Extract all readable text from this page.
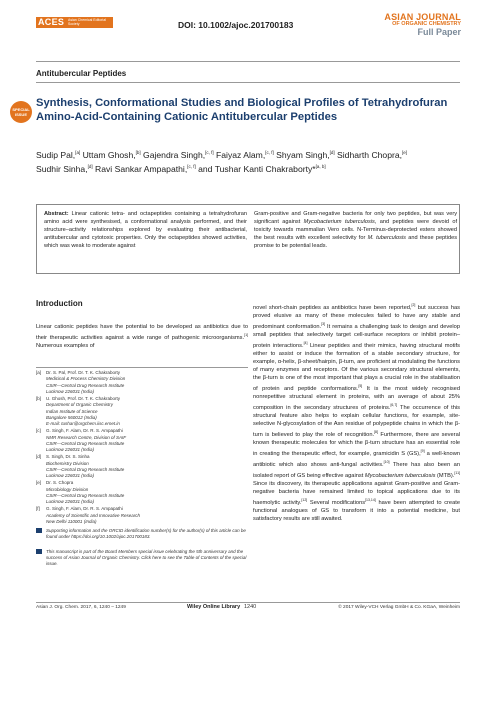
ACES Asian Chemical Editorial Society	DOI: 10.1002/ajoc.201700183
ASIAN JOURNAL
OF ORGANIC CHEMISTRY
Full Paper
Antitubercular Peptides
SPECIAL
ISSUE
Synthesis, Conformational Studies and Biological Profiles of Tetrahydrofuran Amino-Acid-Containing Cationic Antitubercular Peptides
Sudip Pal,[a] Uttam Ghosh,[b] Gajendra Singh,[c, f] Faiyaz Alam,[c, f] Shyam Singh,[d] Sidharth Chopra,[e] Sudhir Sinha,[d] Ravi Sankar Ampapathi,[c, f] and Tushar Kanti Chakraborty*[a, b]
Abstract: Linear cationic tetra- and octapeptides containing a tetrahydrofuran amino acid were synthesised, a conformational analysis performed, and their structure–activity relationships explored by evaluating their antibacterial, antitubercular and cytotoxic properties. Only the octapeptides showed activities, which was weak to moderate against
Gram-positive and Gram-negative bacteria for only two peptides, but was very significant against Mycobacterium tuberculosis, and peptides were devoid of toxicity towards mammalian Vero cells. N-Terminus-deprotected esters showed the best results with excellent selectivity for M. tuberculosis and these peptides promise to be potential leads.
Introduction
Linear cationic peptides have the potential to be developed as antibiotics due to their therapeutic activities against a wide range of pathogenic microorganisms.[1] Numerous examples of
[a] Dr. S. Pal, Prof. Dr. T. K. Chakraborty
Medicinal & Process Chemistry Division
CSIR—Central Drug Research Institute
Lucknow 226031 (India)
[b] U. Ghosh, Prof. Dr. T. K. Chakraborty
Department of Organic Chemistry
Indian Institute of Science
Bangalore 560012 (India)
E-mail: tushar@orgchem.iisc.ernet.in
[c] G. Singh, F. Alam, Dr. R. S. Ampapathi
NMR Research Centre, Division of SAIF
CSIR—Central Drug Research Institute
Lucknow 226031 (India)
[d] S. Singh, Dr. S. Sinha
Biochemistry Division
CSIR—Central Drug Research Institute
Lucknow 226031 (India)
[e] Dr. S. Chopra
Microbiology Division
CSIR—Central Drug Research Institute
Lucknow 226031 (India)
[f] G. Singh, F. Alam, Dr. R. S. Ampapathi
Academy of Scientific and Innovative Research
New Delhi 110001 (India)
Supporting information and the ORCID identification number(s) for the author(s) of this article can be found under https://doi.org/10.1002/ajoc.201700183.
This manuscript is part of the Board Members special issue celebrating the 5th anniversary and the success of Asian Journal of Organic Chemistry. Click here to see the Table of Contents of the special issue.
novel short-chain peptides as antibiotics have been reported,[2] but success has proved elusive as many of these molecules failed to have any stable and predominant conformation.[3] It remains a challenging task to design and develop small peptides that selectively target cell-surface receptors or inhibit protein–protein interactions.[4] Linear peptides and their mimics, having structural motifs either to assist or induce the formation of a stable secondary structure, for example, α-helix, β-sheet/hairpin, β-turn, are proficient at modulating the functions of many enzymes and receptors. Of the various secondary structural elements, the β-turn is one of the most important that plays a crucial role in the stabilisation of protein and peptide conformations.[5] It is the most widely recognised nonrepetitive structural element in proteins, with an average of about 25% composition in the secondary structures of proteins.[6,7] The occurrence of this structural feature also helps to explain cellular functions, for example, site-selective N-glycosylation of the Asn residue of polypeptide chains in which the β-turn is believed to play the role of recognition.[8] Furthermore, there are several known therapeutic molecules for which the β-turn structure has an essential role in creating the therapeutic effect, for example, gramicidin S (GS),[9] a well-known antibiotic which also shows anti-fungal activities.[10] There has also been an isolated report of GS being effective against Mycobacterium tuberculosis (MTB).[11] Since its discovery, its therapeutic applications against Gram-positive and Gram-negative bacteria have remained limited to topical applications due to its haemolytic activity.[12] Several modifications[13,14] have been attempted to create functional analogues of GS to transform it into a potential medicine, but satisfactory results are still awaited.
Asian J. Org. Chem. 2017, 6, 1240 – 1249	Wiley Online Library 1240	© 2017 Wiley-VCH Verlag GmbH & Co. KGaA, Weinheim
